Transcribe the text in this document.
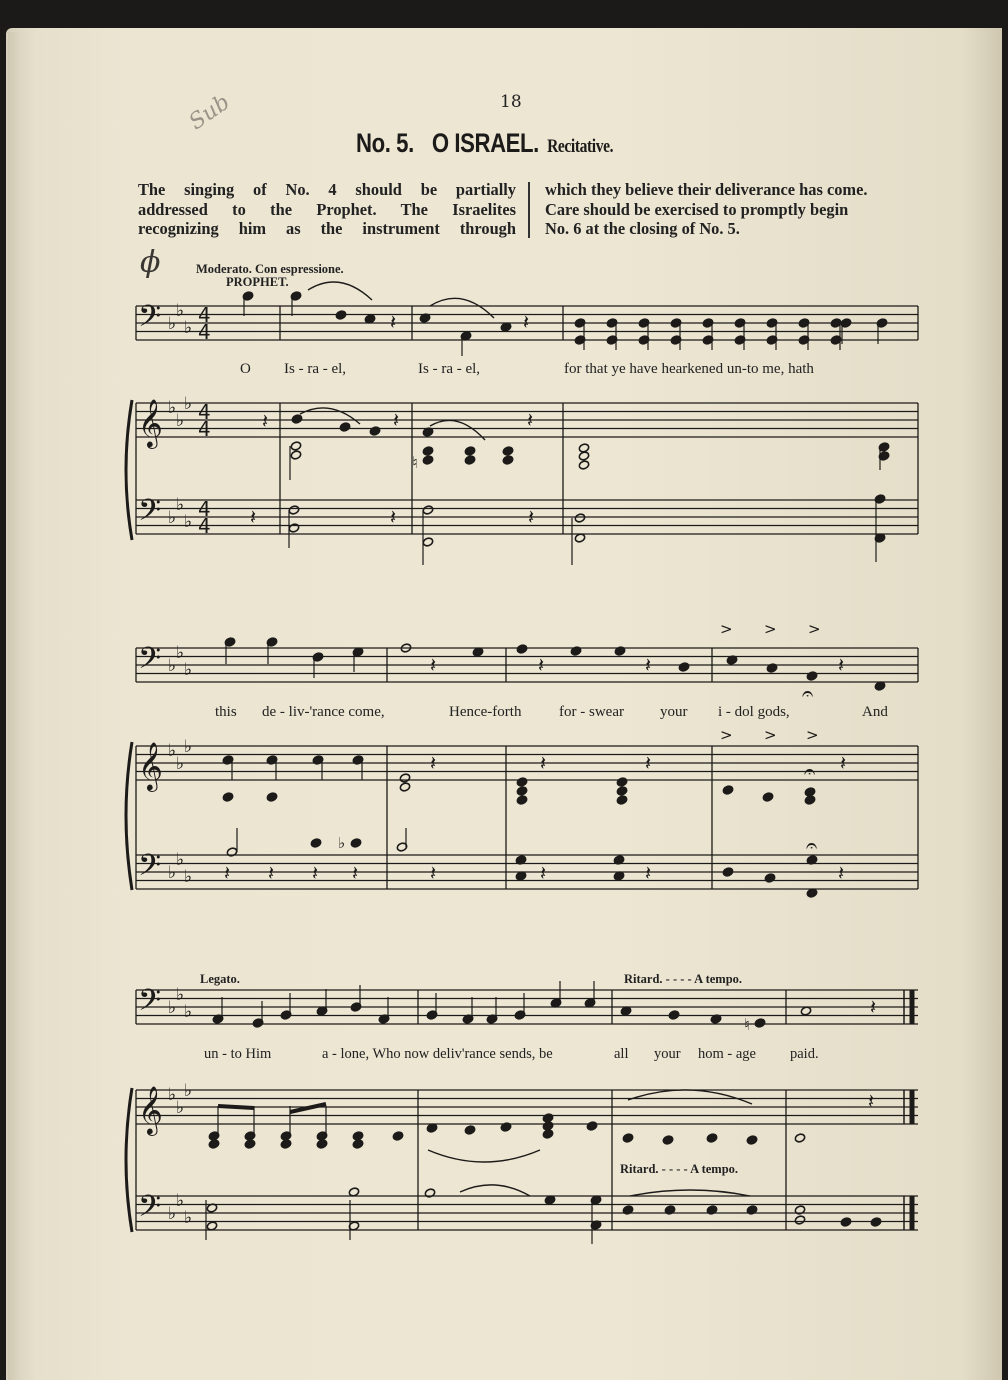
18
Sub
No. 5. O ISRAEL. Recitative.
The singing of No. 4 should be partially
addressed to the Prophet. The Israelites
recognizing him as the instrument through
which they believe their deliverance has come.
Care should be exercised to promptly begin
No. 6 at the closing of No. 5.
𝄢
𝄞
𝄢
♭
♭
♭
♭
♭
♭
♭
♭
♭
4
4
4
4
4
4
𝄽	𝄽
𝄽	𝄽	𝄽
♮
𝄽	𝄽	𝄽
𝄢
𝄞
𝄢
♭
♭
♭
♭
♭
♭
♭
♭
♭
𝄽	𝄽	𝄽	𝄽
> > >
𝄐
𝄽	𝄽	𝄽	𝄽
> > >
𝄐
𝄽 𝄽 𝄽 𝄽
♭
𝄽	𝄽	𝄽	𝄽
𝄐
𝄢
𝄞
𝄢
♭
♭
♭
♭
♭
♭
♭
♭
♭
♮
𝄽
𝄽
Moderato. Con espressione.
PROPHET.
ϕ
O Is - ra - el,	Is - ra - el,	for that ye have hearkened un-to me, hath
this de - liv-'rance come,	Hence-forth	for - swear your i - dol gods,	And
Legato.	Ritard. - - - - A tempo.
Ritard. - - - - A tempo.
un - to Him	a - lone, Who now deliv'rance sends, be	all your hom - age paid.
